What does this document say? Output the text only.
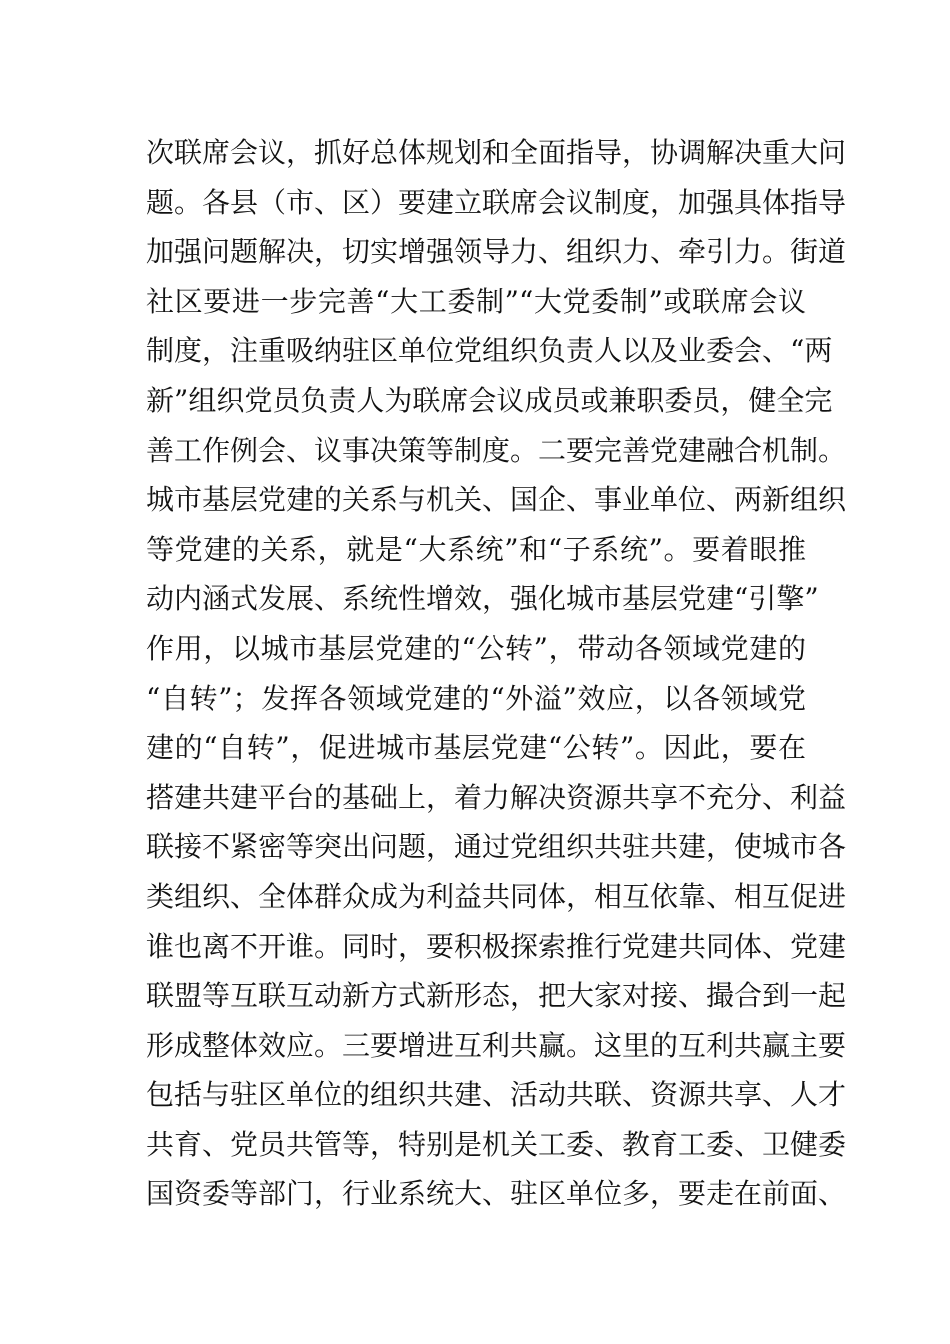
次联席会议，抓好总体规划和全面指导，协调解决重大问
题。各县（市、区）要建立联席会议制度，加强具体指导
加强问题解决，切实增强领导力、组织力、牵引力。街道
社区要进一步完善“大工委制”“大党委制”或联席会议
制度，注重吸纳驻区单位党组织负责人以及业委会、“两
新”组织党员负责人为联席会议成员或兼职委员，健全完
善工作例会、议事决策等制度。二要完善党建融合机制。
城市基层党建的关系与机关、国企、事业单位、两新组织
等党建的关系，就是“大系统”和“子系统”。要着眼推
动内涵式发展、系统性增效，强化城市基层党建“引擎”
作用，以城市基层党建的“公转”，带动各领域党建的
“自转”；发挥各领域党建的“外溢”效应，以各领域党
建的“自转”，促进城市基层党建“公转”。因此，要在
搭建共建平台的基础上，着力解决资源共享不充分、利益
联接不紧密等突出问题，通过党组织共驻共建，使城市各
类组织、全体群众成为利益共同体，相互依靠、相互促进
谁也离不开谁。同时，要积极探索推行党建共同体、党建
联盟等互联互动新方式新形态，把大家对接、撮合到一起
形成整体效应。三要增进互利共赢。这里的互利共赢主要
包括与驻区单位的组织共建、活动共联、资源共享、人才
共育、党员共管等，特别是机关工委、教育工委、卫健委
国资委等部门，行业系统大、驻区单位多，要走在前面、
